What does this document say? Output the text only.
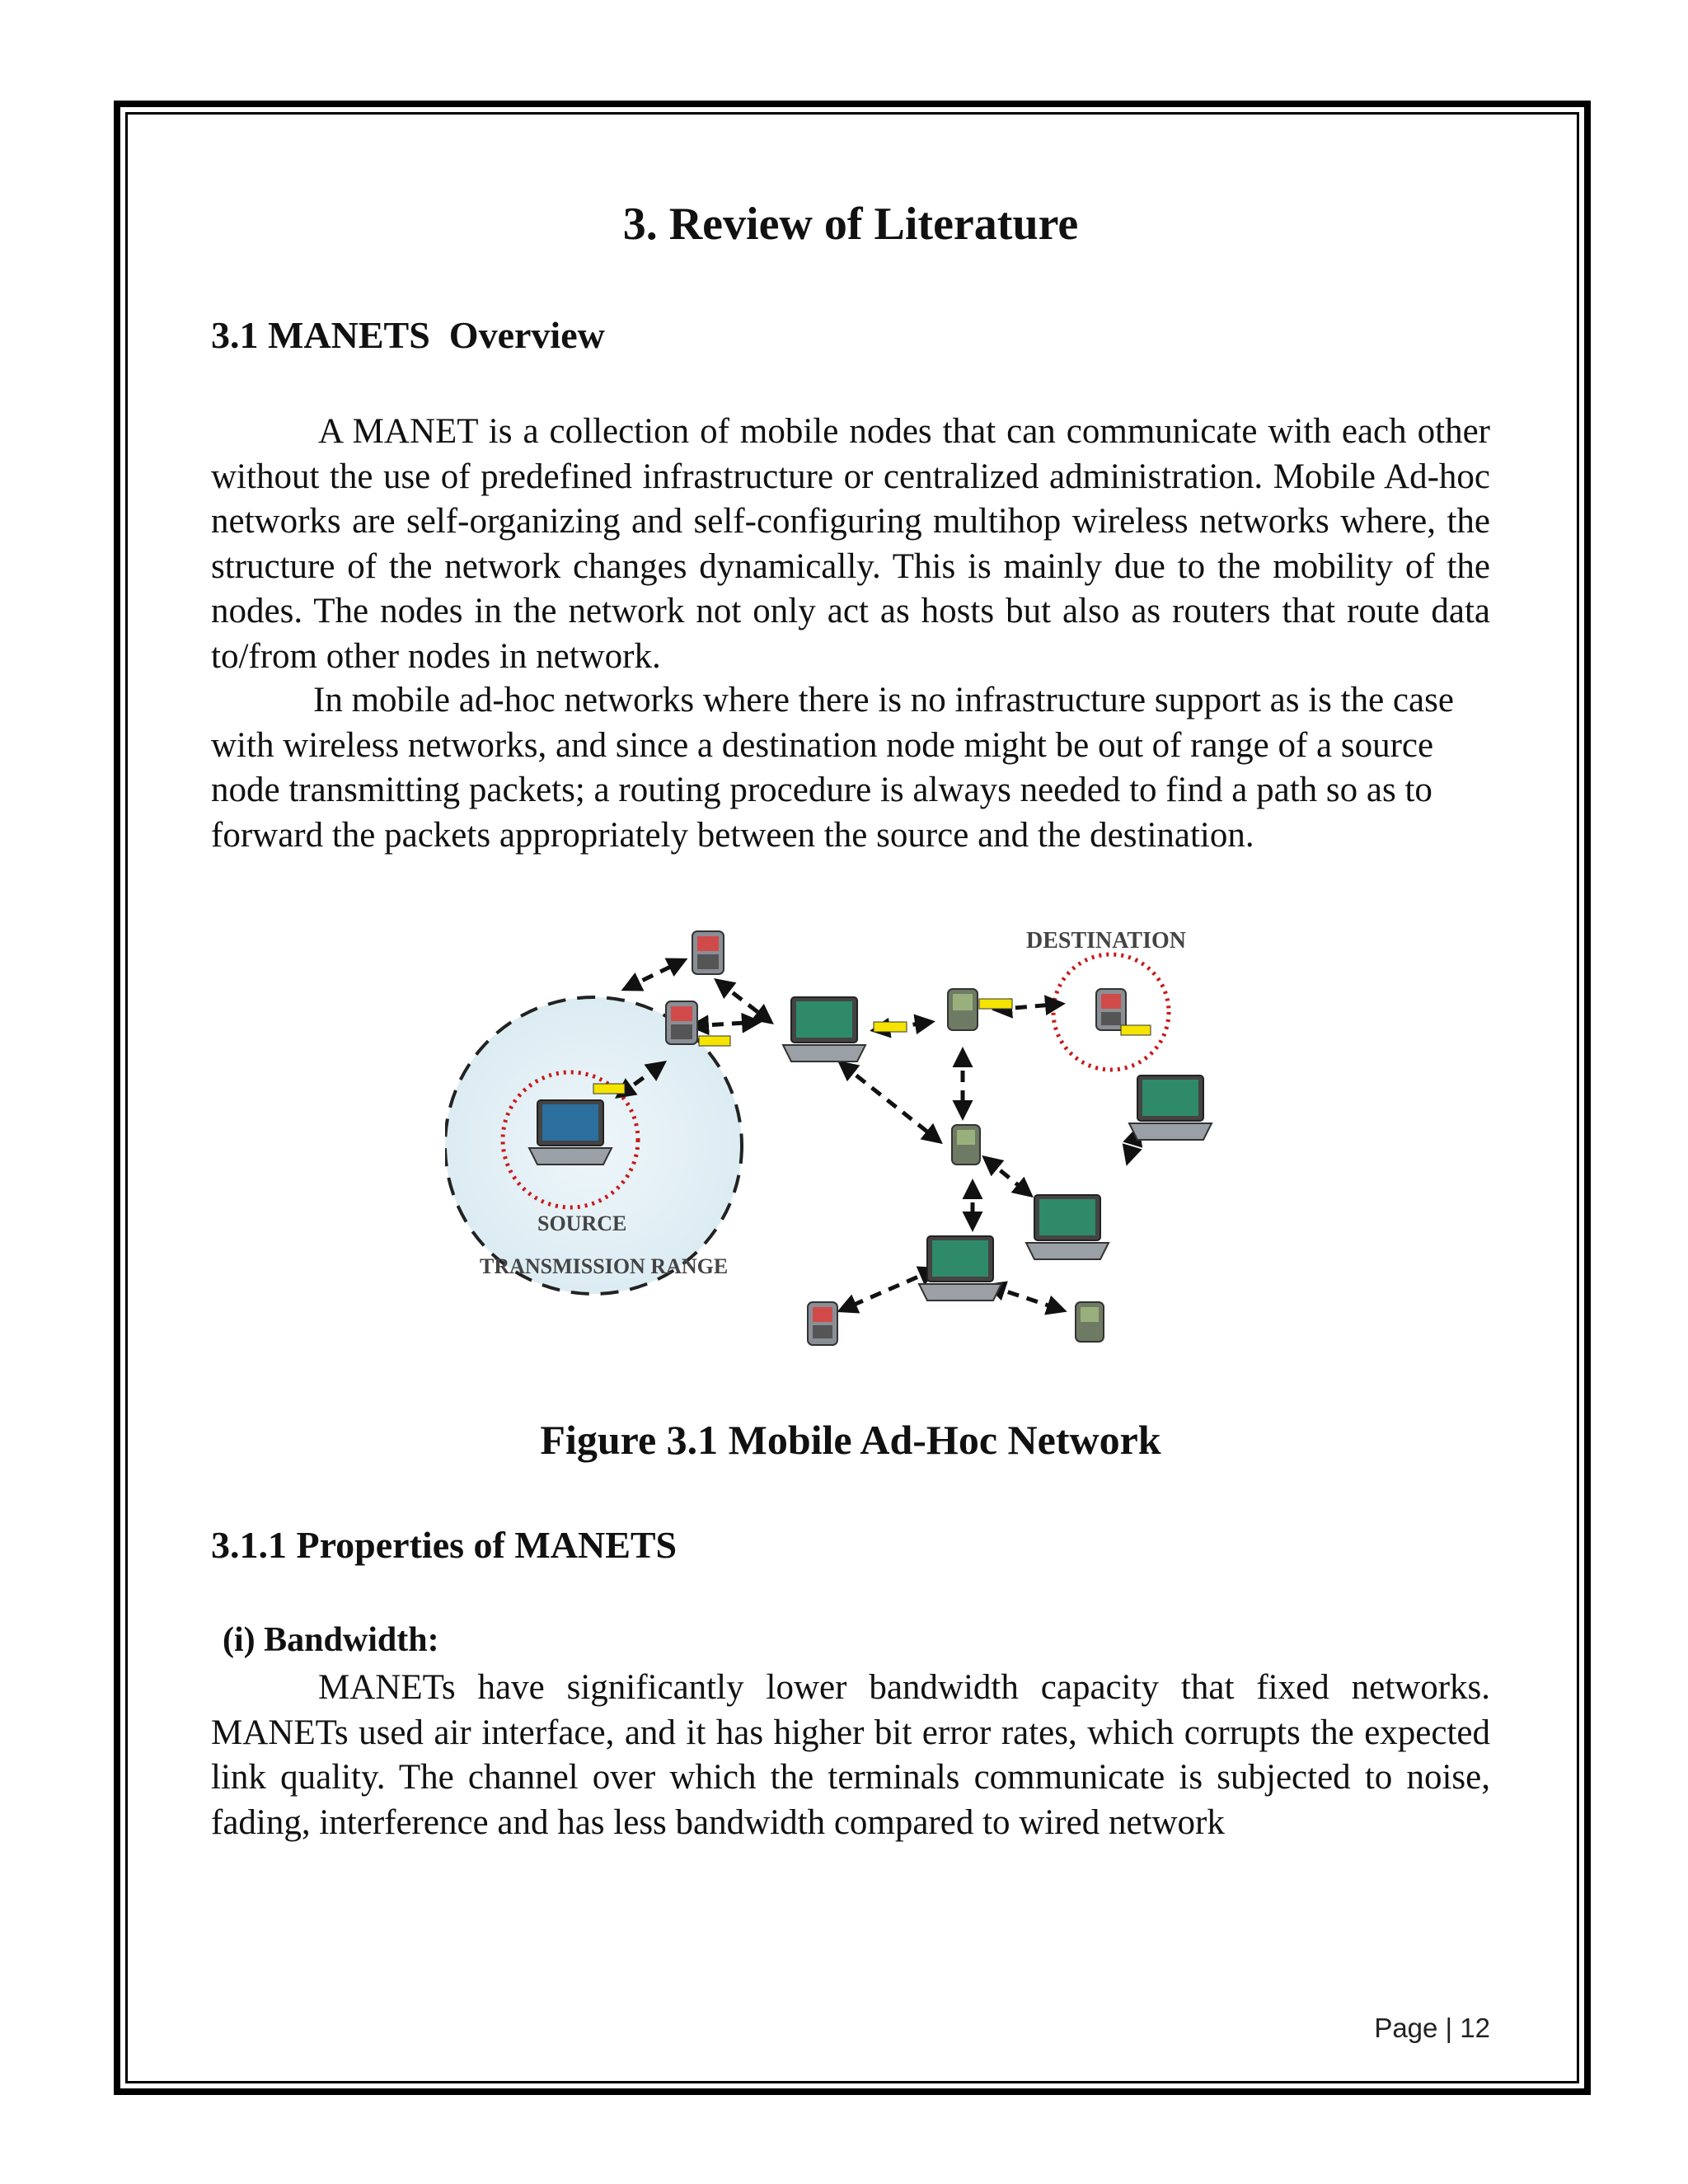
3. Review of Literature
3.1 MANETS  Overview

A MANET is a collection of mobile nodes that can communicate with each other without the use of predefined infrastructure or centralized administration. Mobile Ad-hoc networks are self-organizing and self-configuring multihop wireless networks where, the structure of the network changes dynamically. This is mainly due to the mobility of the nodes. The nodes in the network not only act as hosts but also as routers that route data to/from other nodes in network.

In mobile ad-hoc networks where there is no infrastructure support as is the case with wireless networks, and since a destination node might be out of range of a source node transmitting packets; a routing procedure is always needed to find a path so as to forward the packets appropriately between the source and the destination.

DESTINATION
SOURCE
TRANSMISSION RANGE
Figure 3.1 Mobile Ad-Hoc Network
3.1.1 Properties of MANETS
(i) Bandwidth:

MANETs have significantly lower bandwidth capacity that fixed networks. MANETs used air interface, and it has higher bit error rates, which corrupts the expected link quality. The channel over which the terminals communicate is subjected to noise, fading, interference and has less bandwidth compared to wired network

Page | 12
